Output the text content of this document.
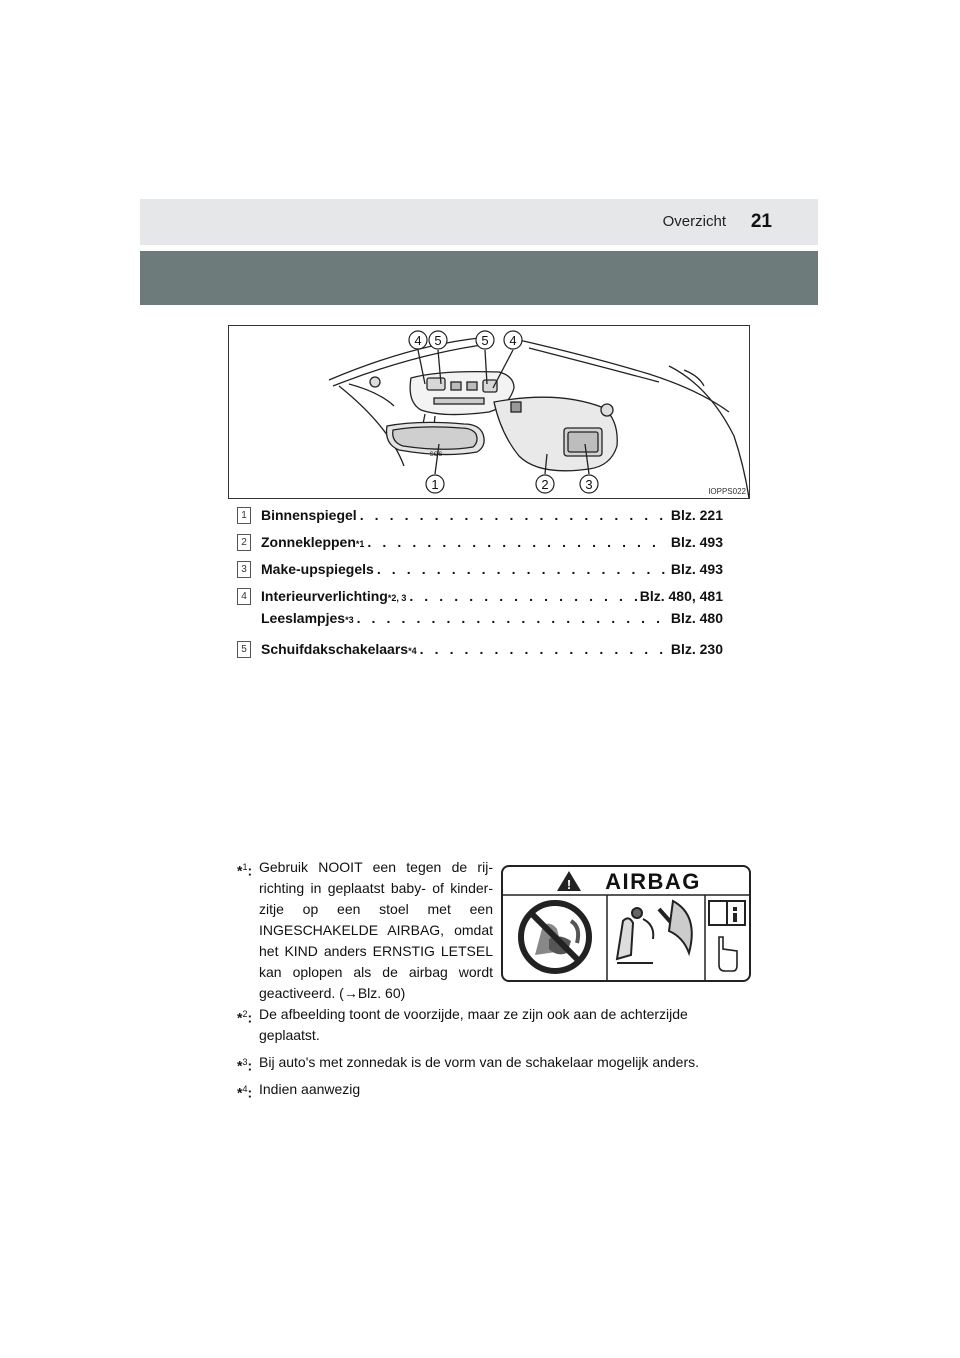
Overzicht 21
4 5	5 4
1	2	3
SOS
IOPPS022
1	Binnenspiegel . . .	Blz. 221
2	Zonnekleppen *1 . . .	Blz. 493
3	Make-upspiegels . . .	Blz. 493
4	Interieurverlichting *2, 3 . . .	Blz. 480, 481
Leeslampjes *3 . . .	Blz. 480
5	Schuifdakschakelaars *4 . . .	Blz. 230
*$^1$: Gebruik NOOIT een tegen de rijrichting in geplaatst baby- of kinderzitje op een stoel met een INGESCHAKELDE AIRBAG, omdat het KIND anders ERNSTIG LETSEL kan oplopen als de airbag wordt geactiveerd. (→Blz. 60)
! AIRBAG
*$^2$: De afbeelding toont de voorzijde, maar ze zijn ook aan de achterzijde geplaatst.
*$^3$: Bij auto's met zonnedak is de vorm van de schakelaar mogelijk anders.
*$^4$: Indien aanwezig
